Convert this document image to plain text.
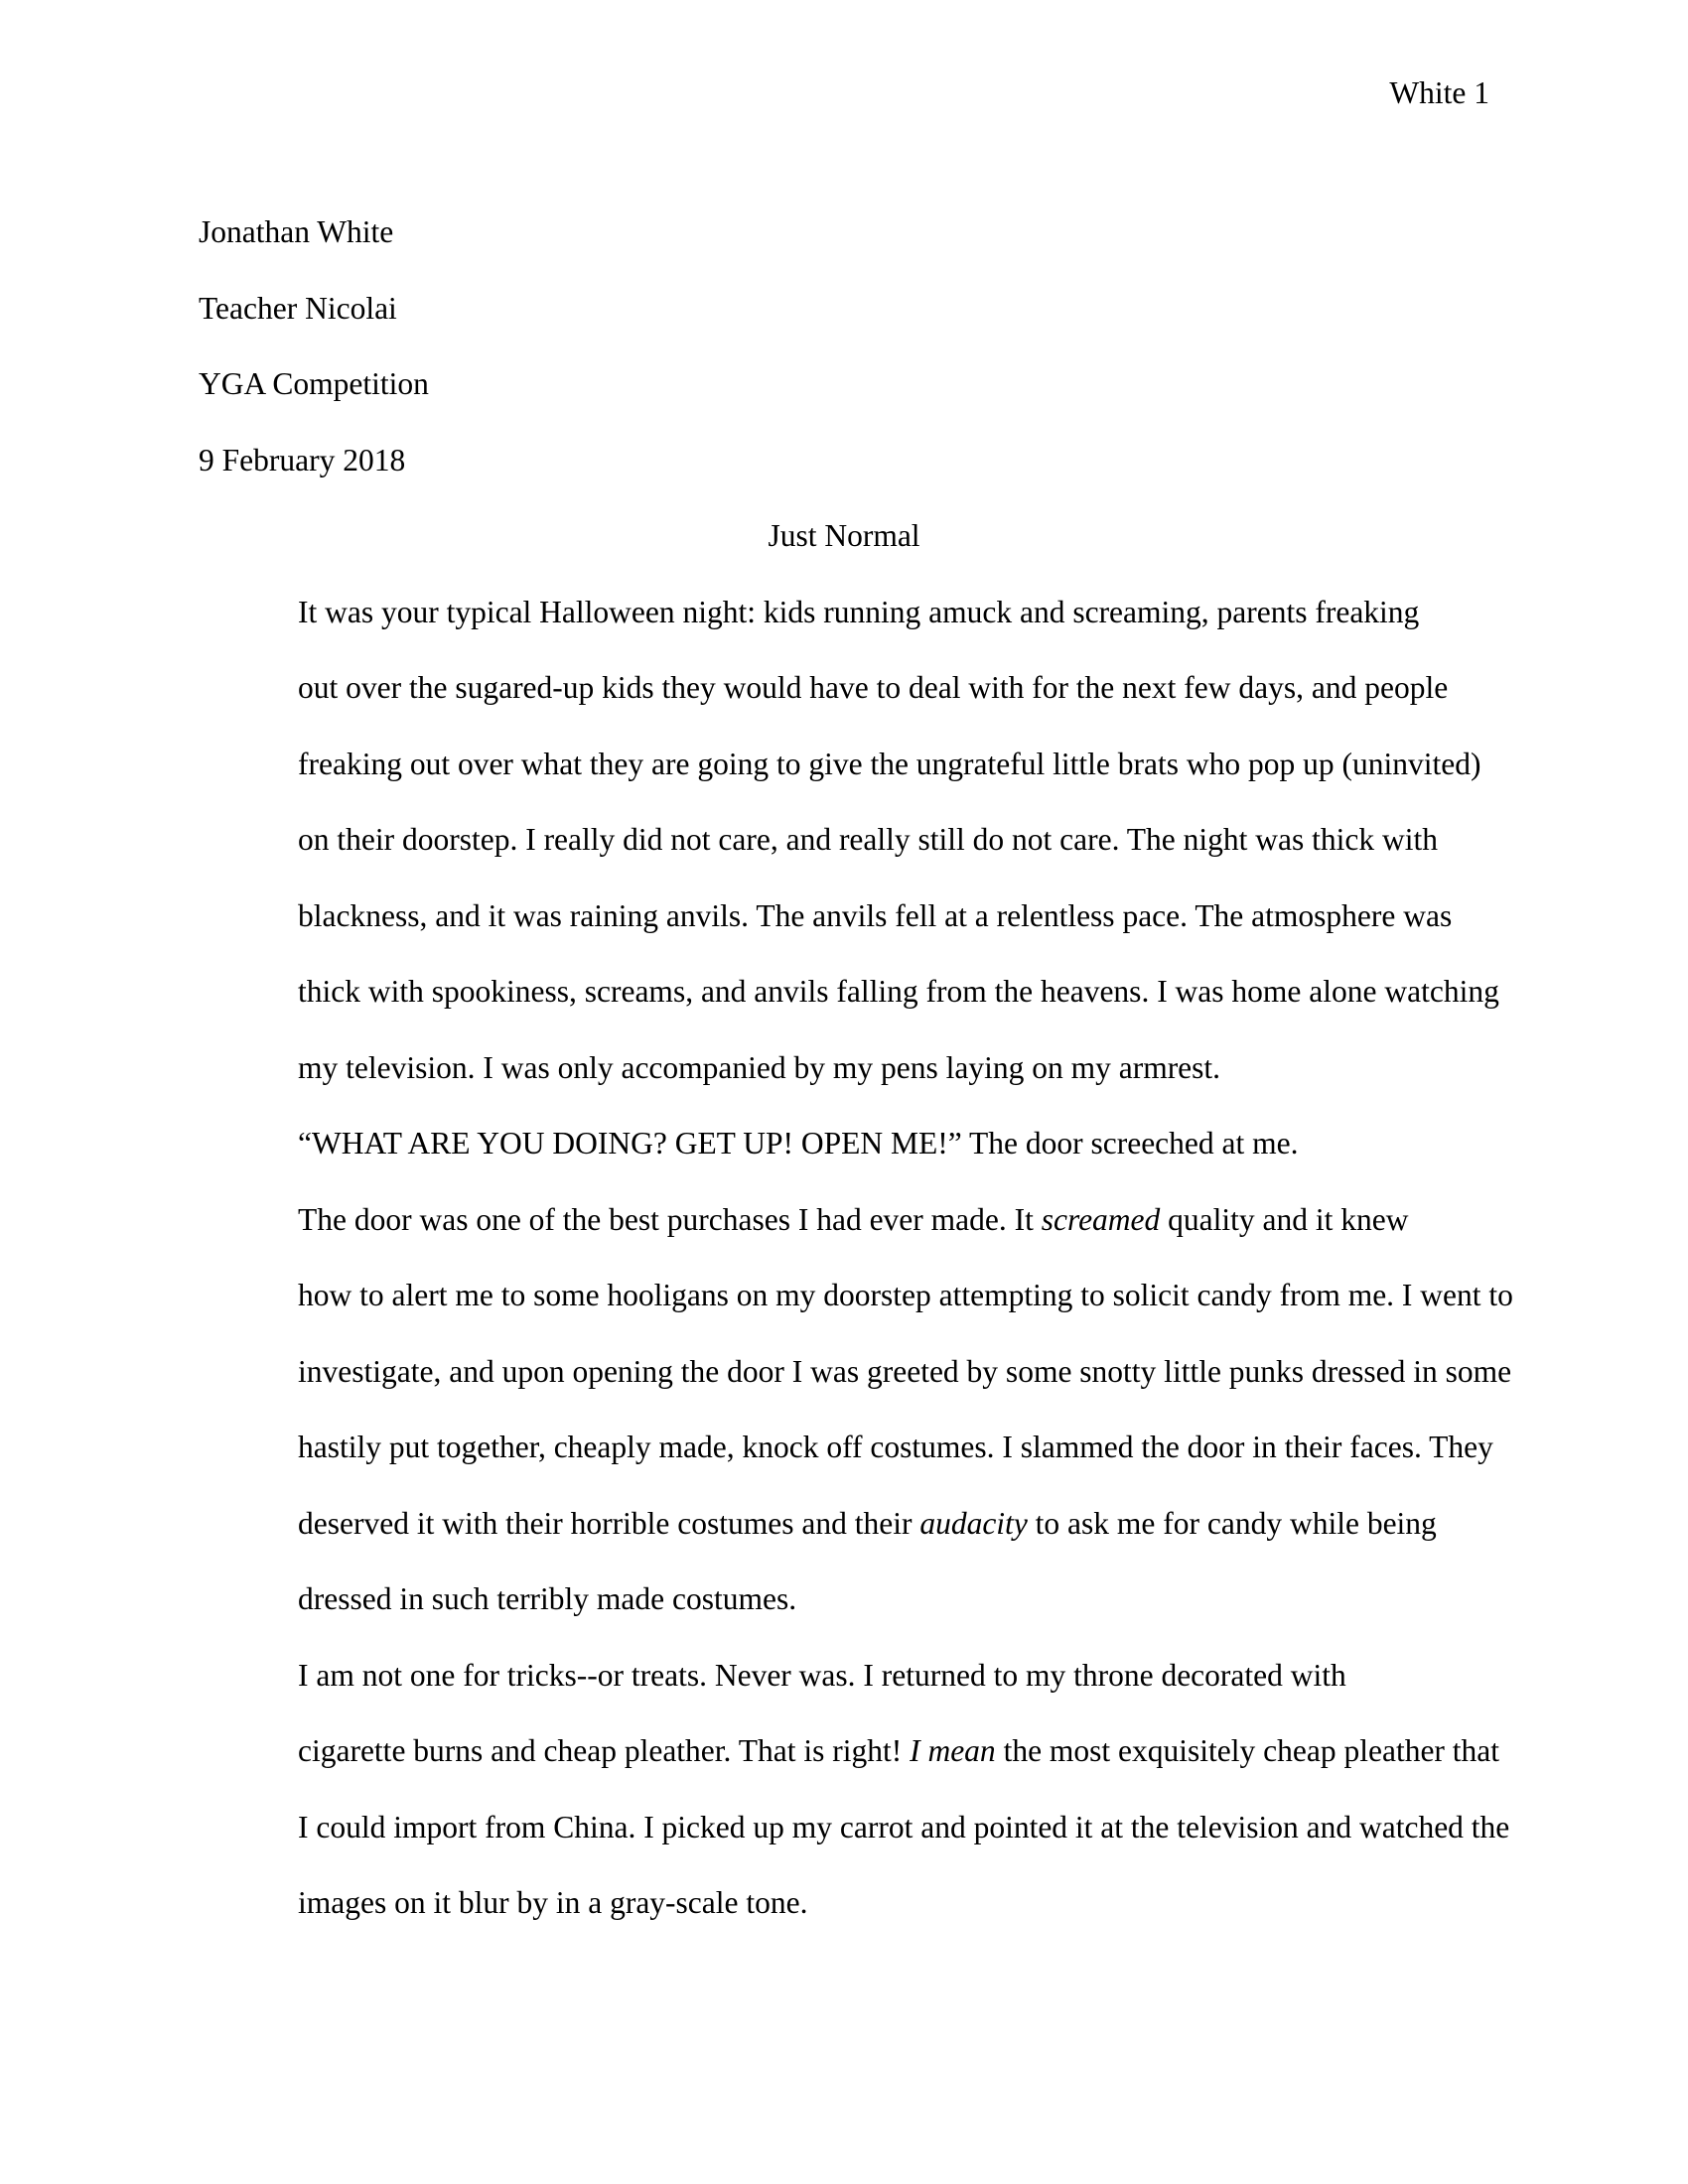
White 1

Jonathan White

Teacher Nicolai

YGA Competition

9 February 2018

Just Normal

It was your typical Halloween night: kids running amuck and screaming, parents freaking
out over the sugared-up kids they would have to deal with for the next few days, and people
freaking out over what they are going to give the ungrateful little brats who pop up (uninvited)
on their doorstep. I really did not care, and really still do not care. The night was thick with
blackness, and it was raining anvils. The anvils fell at a relentless pace. The atmosphere was
thick with spookiness, screams, and anvils falling from the heavens. I was home alone watching
my television. I was only accompanied by my pens laying on my armrest.

“WHAT ARE YOU DOING? GET UP! OPEN ME!” The door screeched at me.

The door was one of the best purchases I had ever made. It screamed quality and it knew
how to alert me to some hooligans on my doorstep attempting to solicit candy from me. I went to
investigate, and upon opening the door I was greeted by some snotty little punks dressed in some
hastily put together, cheaply made, knock off costumes. I slammed the door in their faces. They
deserved it with their horrible costumes and their audacity to ask me for candy while being
dressed in such terribly made costumes.

I am not one for tricks--or treats. Never was. I returned to my throne decorated with
cigarette burns and cheap pleather. That is right! I mean the most exquisitely cheap pleather that
I could import from China. I picked up my carrot and pointed it at the television and watched the
images on it blur by in a gray-scale tone.
